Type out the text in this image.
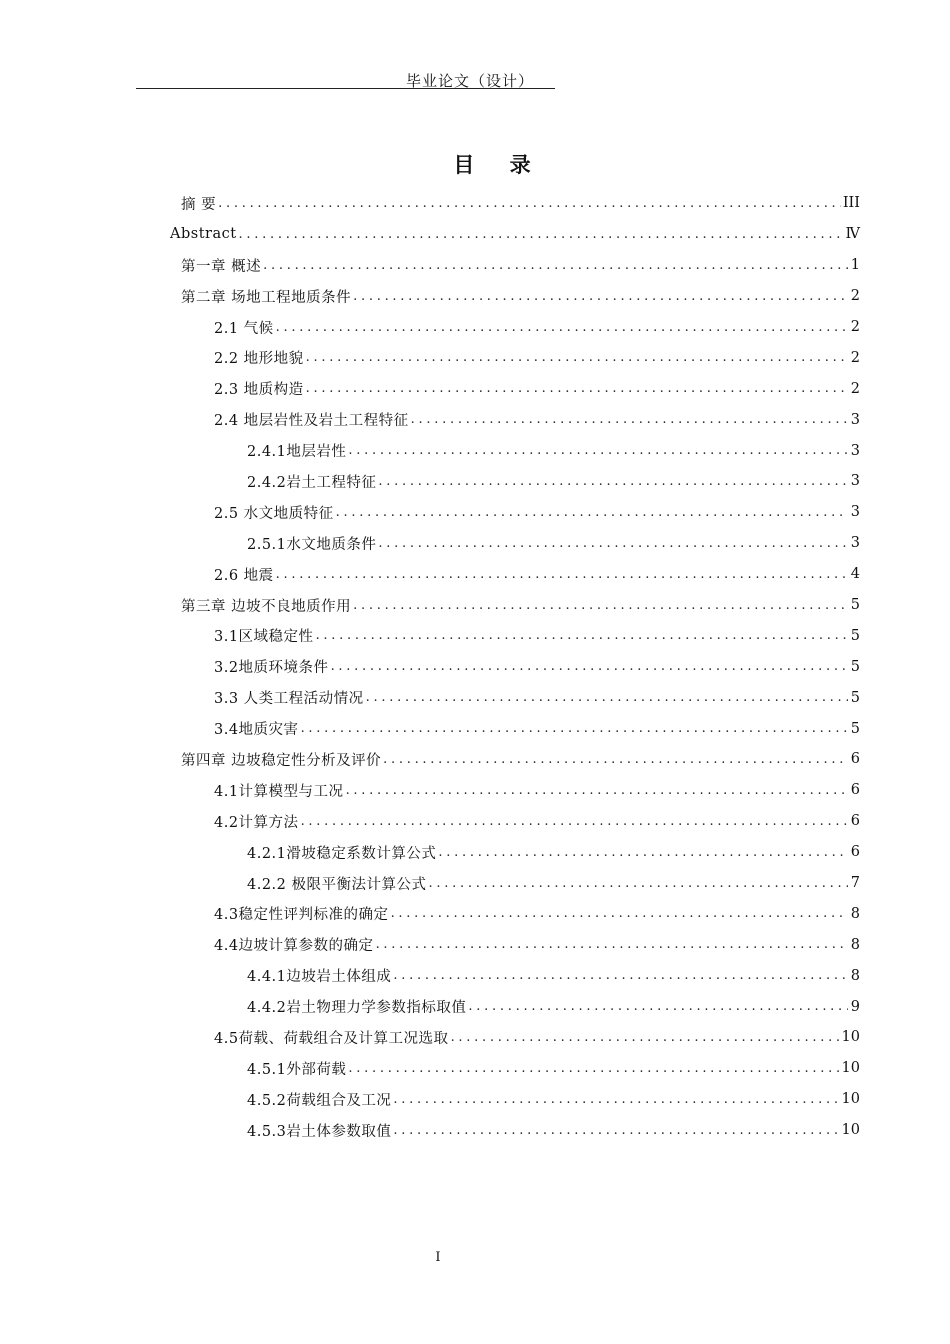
毕业论文（设计）
目 录
摘 要 . . .	III
Abstract . . .	Ⅳ
第一章 概述 . . .	1
第二章 场地工程地质条件 . . .	2
2.1 气候 . . .	2
2.2 地形地貌 . . .	2
2.3 地质构造 . . .	2
2.4 地层岩性及岩土工程特征 . . .	3
2.4.1地层岩性 . . .	3
2.4.2岩土工程特征 . . .	3
2.5 水文地质特征 . . .	3
2.5.1水文地质条件 . . .	3
2.6 地震 . . .	4
第三章 边坡不良地质作用 . . .	5
3.1区域稳定性 . . .	5
3.2地质环境条件 . . .	5
3.3 人类工程活动情况 . . .	5
3.4地质灾害 . . .	5
第四章 边坡稳定性分析及评价 . . .	6
4.1计算模型与工况 . . .	6
4.2计算方法 . . .	6
4.2.1滑坡稳定系数计算公式 . . .	6
4.2.2 极限平衡法计算公式 . . .	7
4.3稳定性评判标准的确定 . . .	8
4.4边坡计算参数的确定 . . .	8
4.4.1边坡岩土体组成 . . .	8
4.4.2岩土物理力学参数指标取值 . . .	9
4.5荷载、荷载组合及计算工况选取 . . .	10
4.5.1外部荷载 . . .	10
4.5.2荷载组合及工况 . . .	10
4.5.3岩土体参数取值 . . .	10
I
